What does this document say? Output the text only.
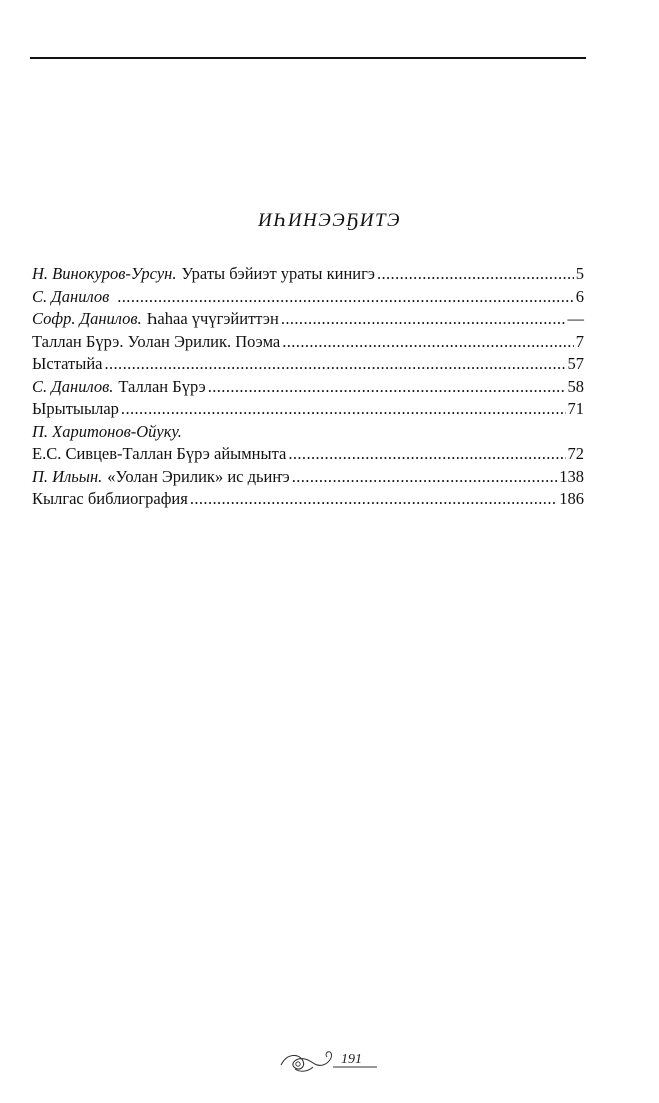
ИҺИНЭЭҔИТЭ
Н. Винокуров-Урсун. Ураты бэйиэт ураты кинигэ .....	5
С. Данилов .....	6
Софр. Данилов. Һаһаа үчүгэйиттэн .....	—
Таллан Бүрэ. Уолан Эрилик. Поэма .....	7
Ыстатыйа .....	57
С. Данилов. Таллан Бүрэ .....	58
Ырытыылар .....	71
П. Харитонов-Ойуку.
Е.С. Сивцев-Таллан Бүрэ айымныта .....	72
П. Ильын. «Уолан Эрилик» ис дьиҥэ .....	138
Кылгас библиография .....	186
191
